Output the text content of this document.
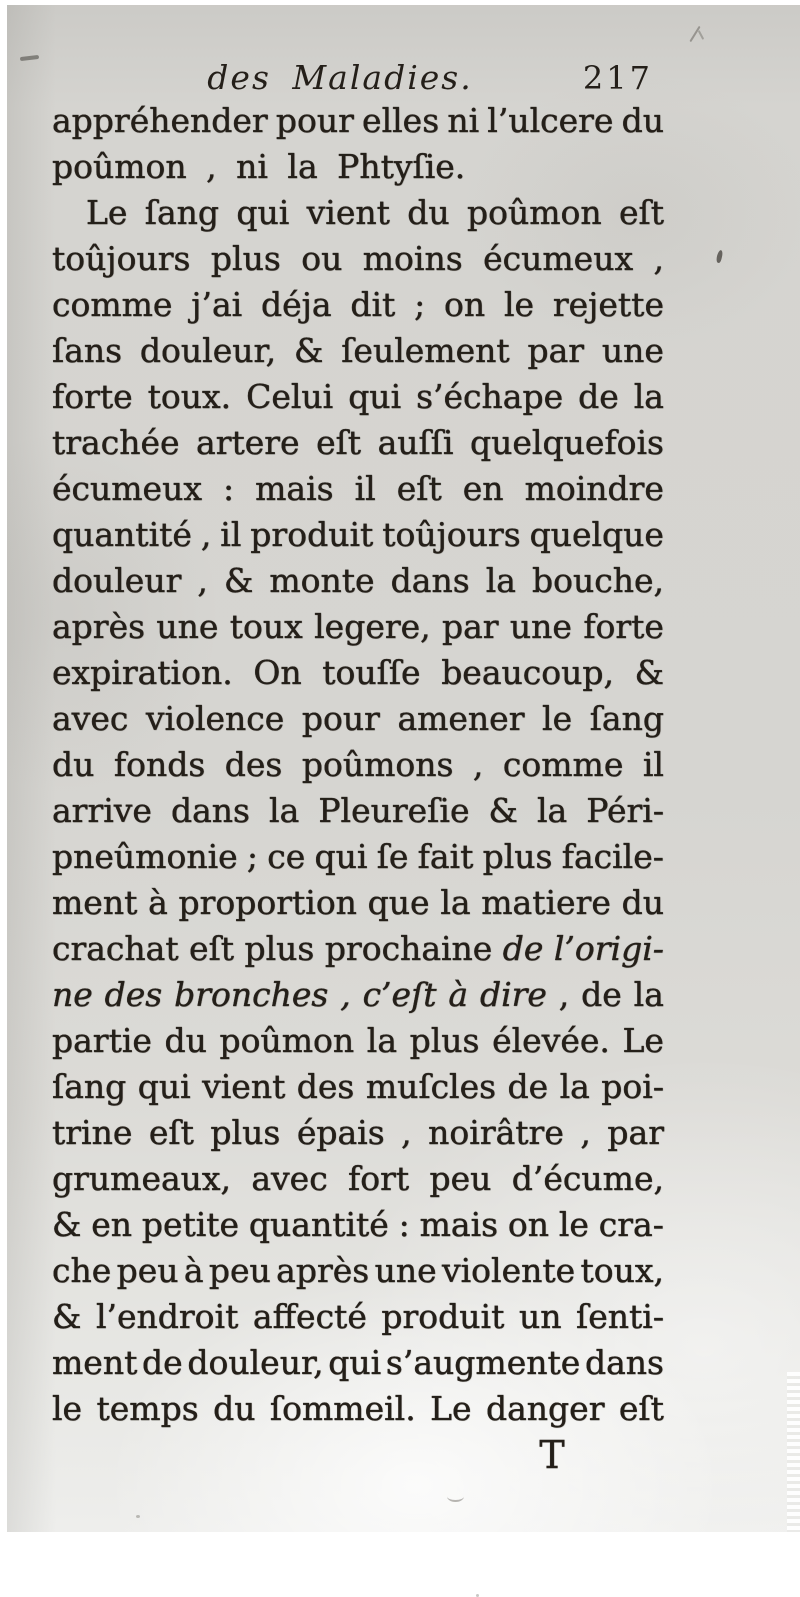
des Maladies.	217
appréhender pour elles ni l’ulcere du
poûmon , ni la Phtyſie.
Le ſang qui vient du poûmon eſt
toûjours plus ou moins écumeux ,
comme j’ai déja dit ; on le rejette
ſans douleur, & ſeulement par une
forte toux. Celui qui s’échape de la
trachée artere eſt auſſi quelquefois
écumeux : mais il eſt en moindre
quantité , il produit toûjours quelque
douleur , & monte dans la bouche,
après une toux legere, par une forte
expiration. On touſſe beaucoup, &
avec violence pour amener le ſang
du fonds des poûmons , comme il
arrive dans la Pleureſie & la Péri-
pneûmonie ; ce qui ſe fait plus facile-
ment à proportion que la matiere du
crachat eſt plus prochaine de l’origi-
ne des bronches , c’eſt à dire , de la
partie du poûmon la plus élevée. Le
ſang qui vient des muſcles de la poi-
trine eſt plus épais , noirâtre , par
grumeaux, avec fort peu d’écume,
& en petite quantité : mais on le cra-
che peu à peu après une violente toux,
& l’endroit affecté produit un ſenti-
ment de douleur, qui s’augmente dans
le temps du ſommeil. Le danger eſt
T
